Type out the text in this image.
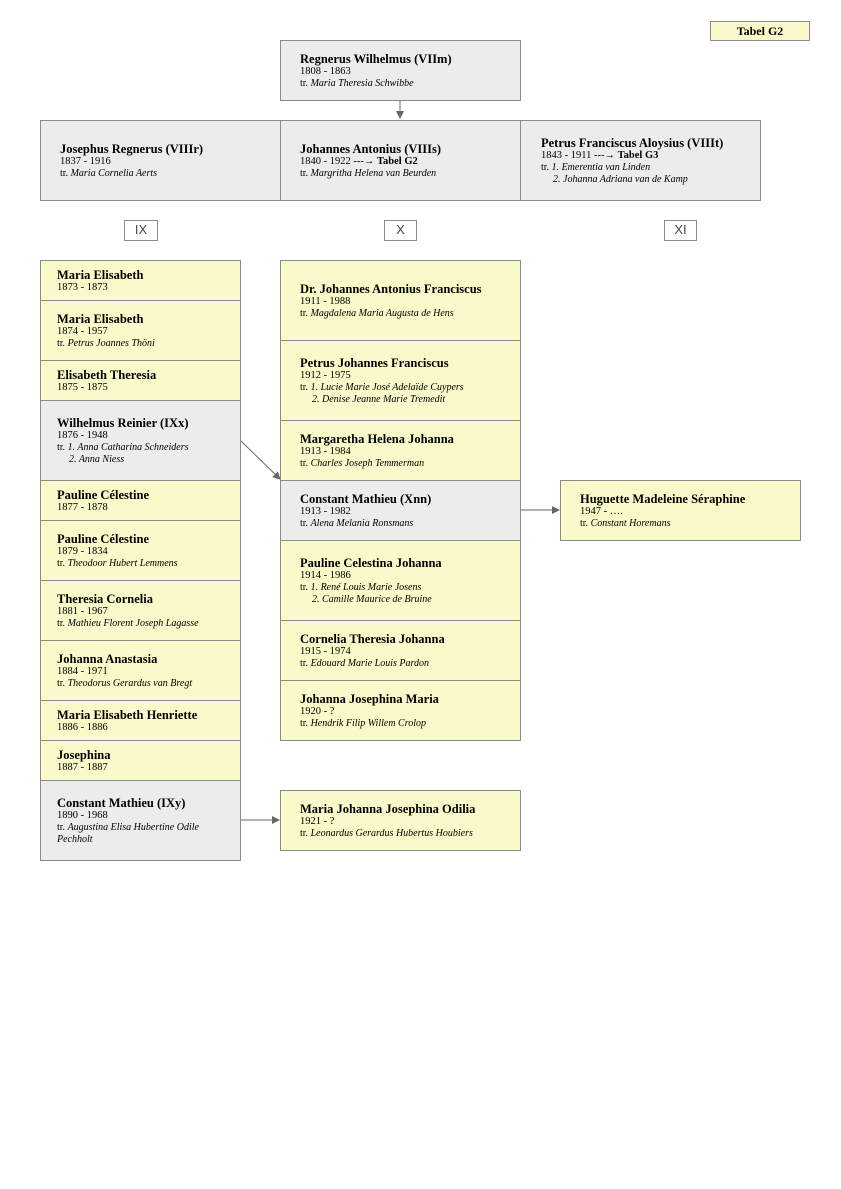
Tabel G2
Regnerus Wilhelmus (VIIm)
1808 - 1863
tr. Maria Theresia Schwibbe
Josephus Regnerus (VIIIr)
1837 - 1916
tr. Maria Cornelia Aerts
Johannes Antonius (VIIIs)
1840 - 1922 ---→ Tabel G2
tr. Margritha Helena van Beurden
Petrus Franciscus Aloysius (VIIIt)
1843 - 1911 ---→ Tabel G3
tr. 1. Emerentia van Linden
2. Johanna Adriana van de Kamp
IX	X	XI
Maria Elisabeth
1873 - 1873
Maria Elisabeth
1874 - 1957
tr. Petrus Joannes Thöni
Elisabeth Theresia
1875 - 1875
Wilhelmus Reinier (IXx)
1876 - 1948
tr. 1. Anna Catharina Schneiders
2. Anna Niess
Pauline Célestine
1877 - 1878
Pauline Célestine
1879 - 1834
tr. Theodoor Hubert Lemmens
Theresia Cornelia
1881 - 1967
tr. Mathieu Florent Joseph Lagasse
Johanna Anastasia
1884 - 1971
tr. Theodorus Gerardus van Bregt
Maria Elisabeth Henriette
1886 - 1886
Josephina
1887 - 1887
Constant Mathieu (IXy)
1890 - 1968
tr. Augustina Elisa Hubertine Odile
Pechholt
Dr. Johannes Antonius Franciscus
1911 - 1988
tr. Magdalena Maria Augusta de Hens
Petrus Johannes Franciscus
1912 - 1975
tr. 1. Lucie Marie José Adelaïde Cuypers
2. Denise Jeanne Marie Tremedit
Margaretha Helena Johanna
1913 - 1984
tr. Charles Joseph Temmerman
Constant Mathieu (Xnn)
1913 - 1982
tr. Alena Melania Ronsmans
Pauline Celestina Johanna
1914 - 1986
tr. 1. René Louis Marie Josens
2. Camille Maurice de Bruine
Cornelia Theresia Johanna
1915 - 1974
tr. Edouard Marie Louis Pardon
Johanna Josephina Maria
1920 - ?
tr. Hendrik Filip Willem Crolop
Maria Johanna Josephina Odilia
1921 - ?
tr. Leonardus Gerardus Hubertus Houbiers
Huguette Madeleine Séraphine
1947 - ….
tr. Constant Horemans
